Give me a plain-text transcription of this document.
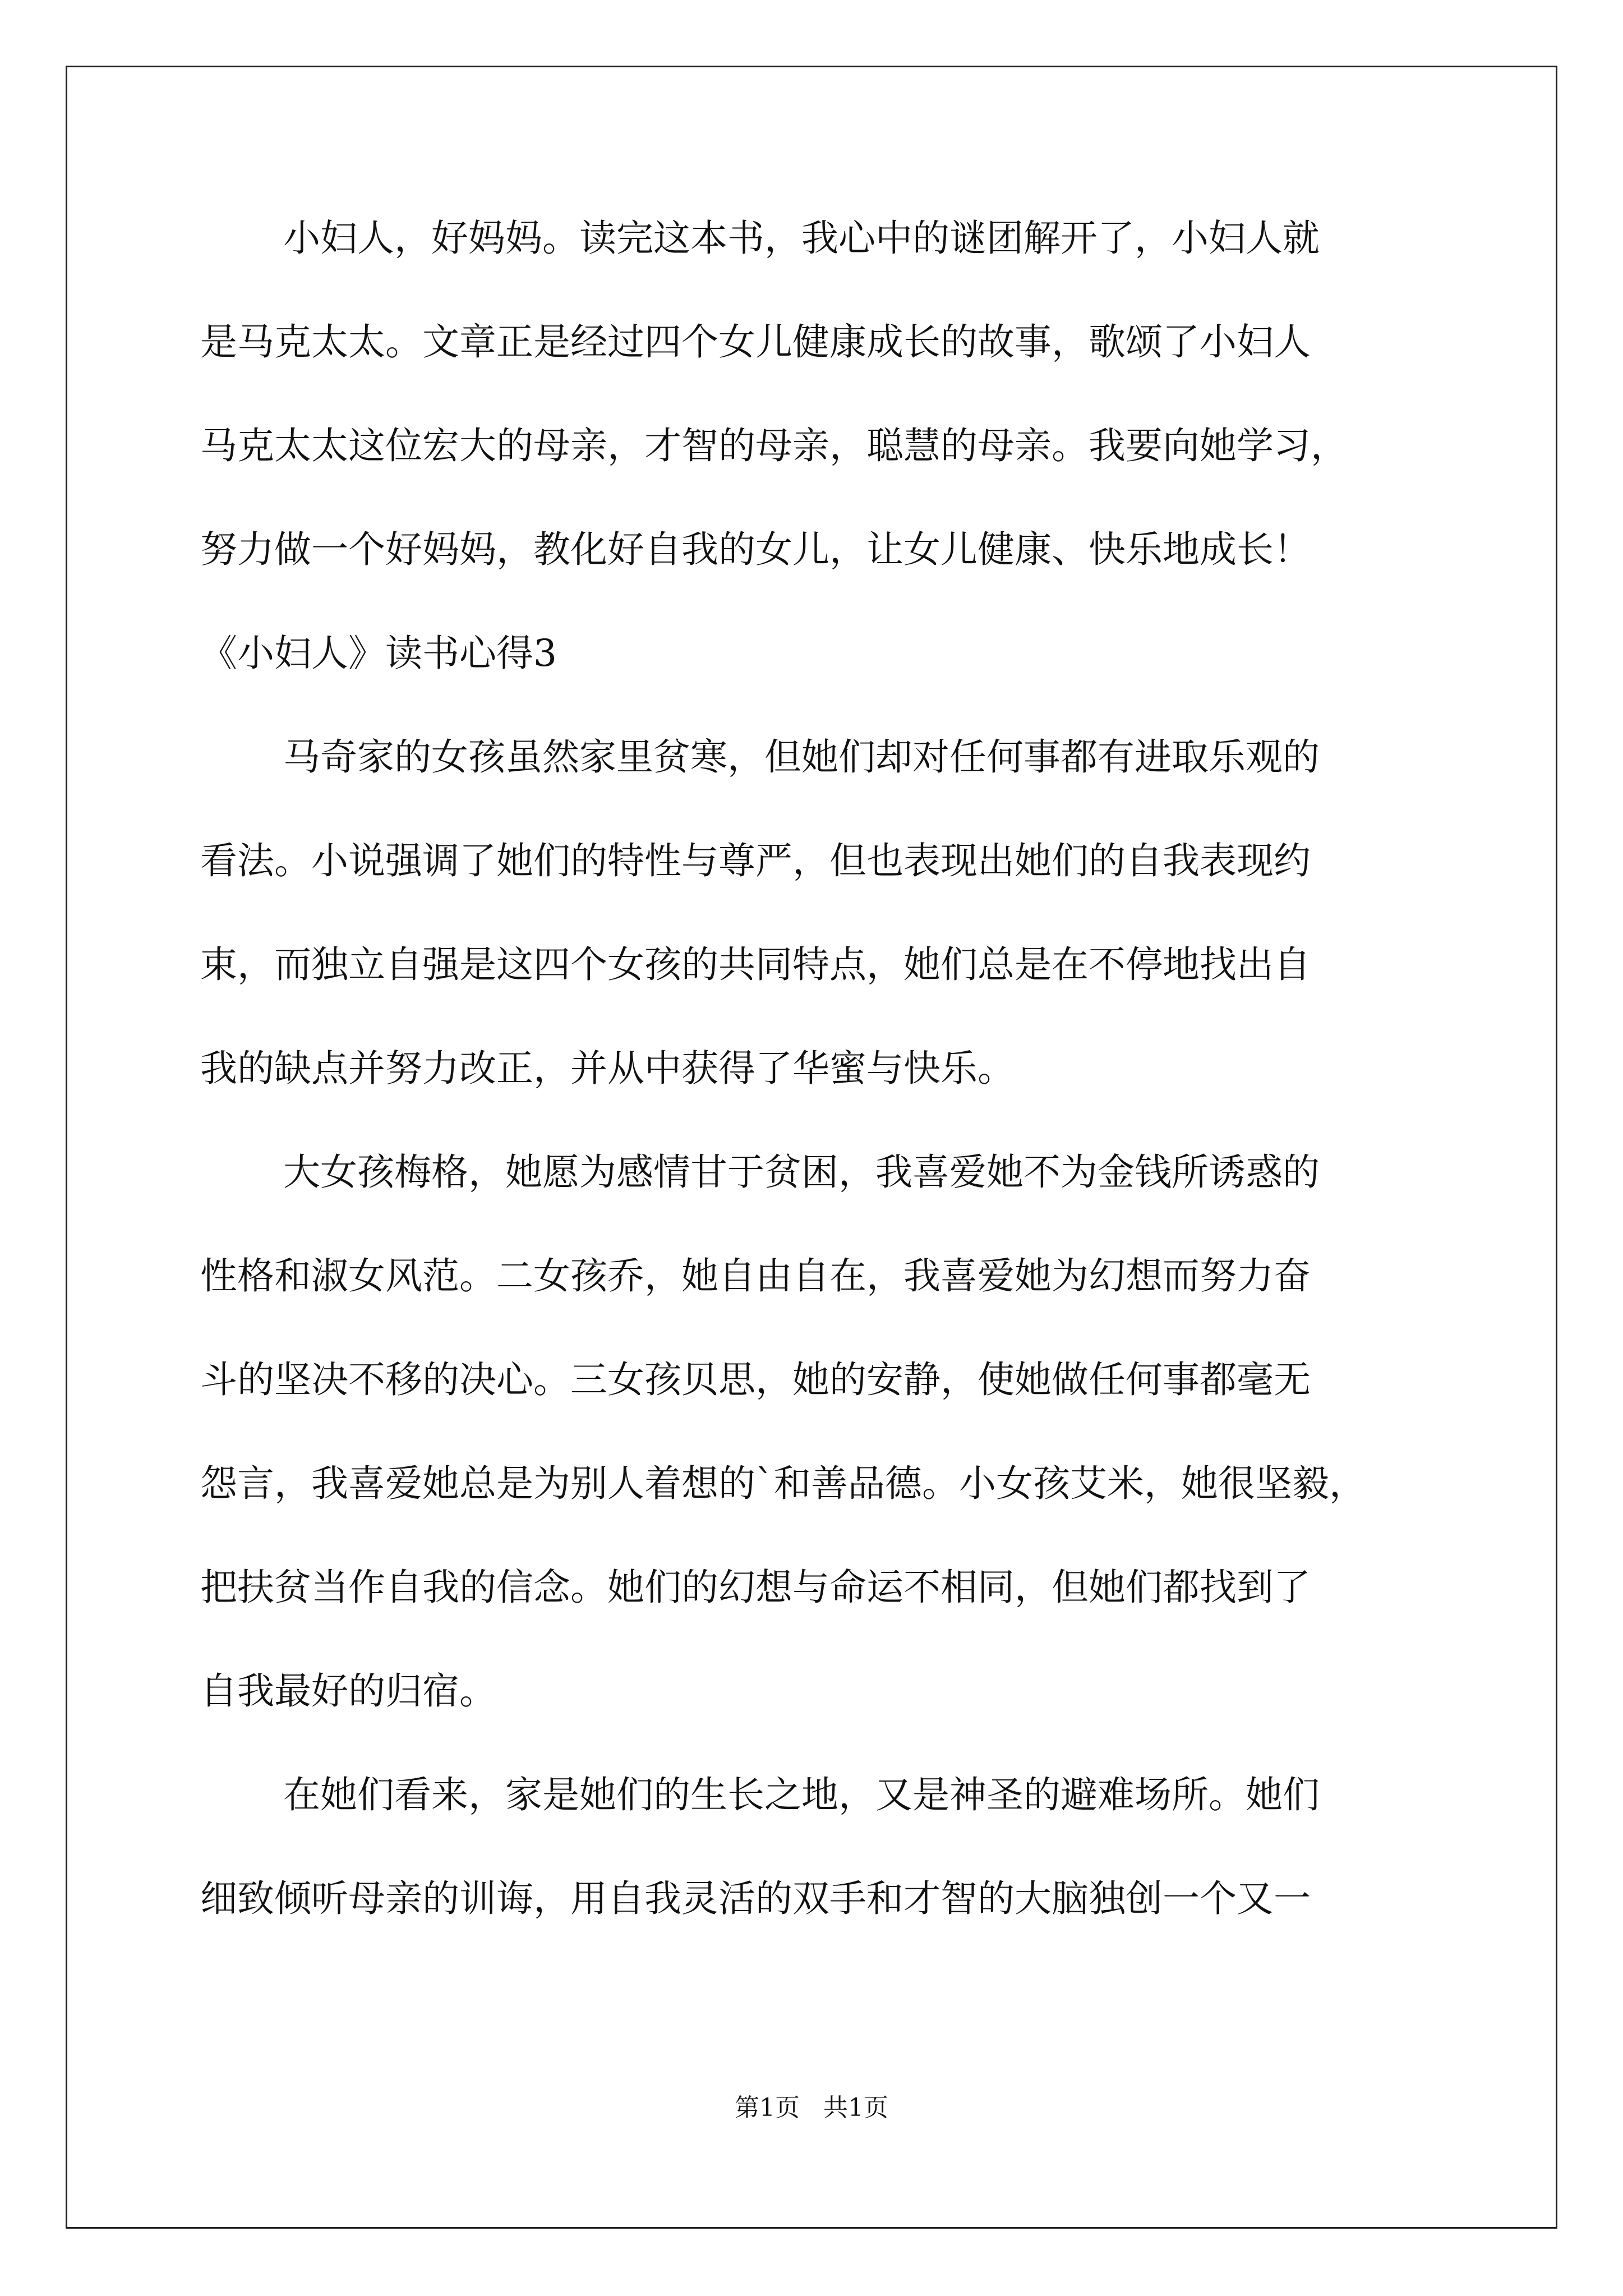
小妇人，好妈妈。读完这本书，我心中的谜团解开了，小妇人就
是马克太太。文章正是经过四个女儿健康成长的故事，歌颂了小妇人
马克太太这位宏大的母亲，才智的母亲，聪慧的母亲。我要向她学习，
努力做一个好妈妈，教化好自我的女儿，让女儿健康、快乐地成长！
《小妇人》读书心得3
马奇家的女孩虽然家里贫寒，但她们却对任何事都有进取乐观的
看法。小说强调了她们的特性与尊严，但也表现出她们的自我表现约
束，而独立自强是这四个女孩的共同特点，她们总是在不停地找出自
我的缺点并努力改正，并从中获得了华蜜与快乐。
大女孩梅格，她愿为感情甘于贫困，我喜爱她不为金钱所诱惑的
性格和淑女风范。二女孩乔，她自由自在，我喜爱她为幻想而努力奋
斗的坚决不移的决心。三女孩贝思，她的安静，使她做任何事都毫无
怨言，我喜爱她总是为别人着想的`和善品德。小女孩艾米，她很坚毅，
把扶贫当作自我的信念。她们的幻想与命运不相同，但她们都找到了
自我最好的归宿。
在她们看来，家是她们的生长之地，又是神圣的避难场所。她们
细致倾听母亲的训诲，用自我灵活的双手和才智的大脑独创一个又一
第1页   共1页
